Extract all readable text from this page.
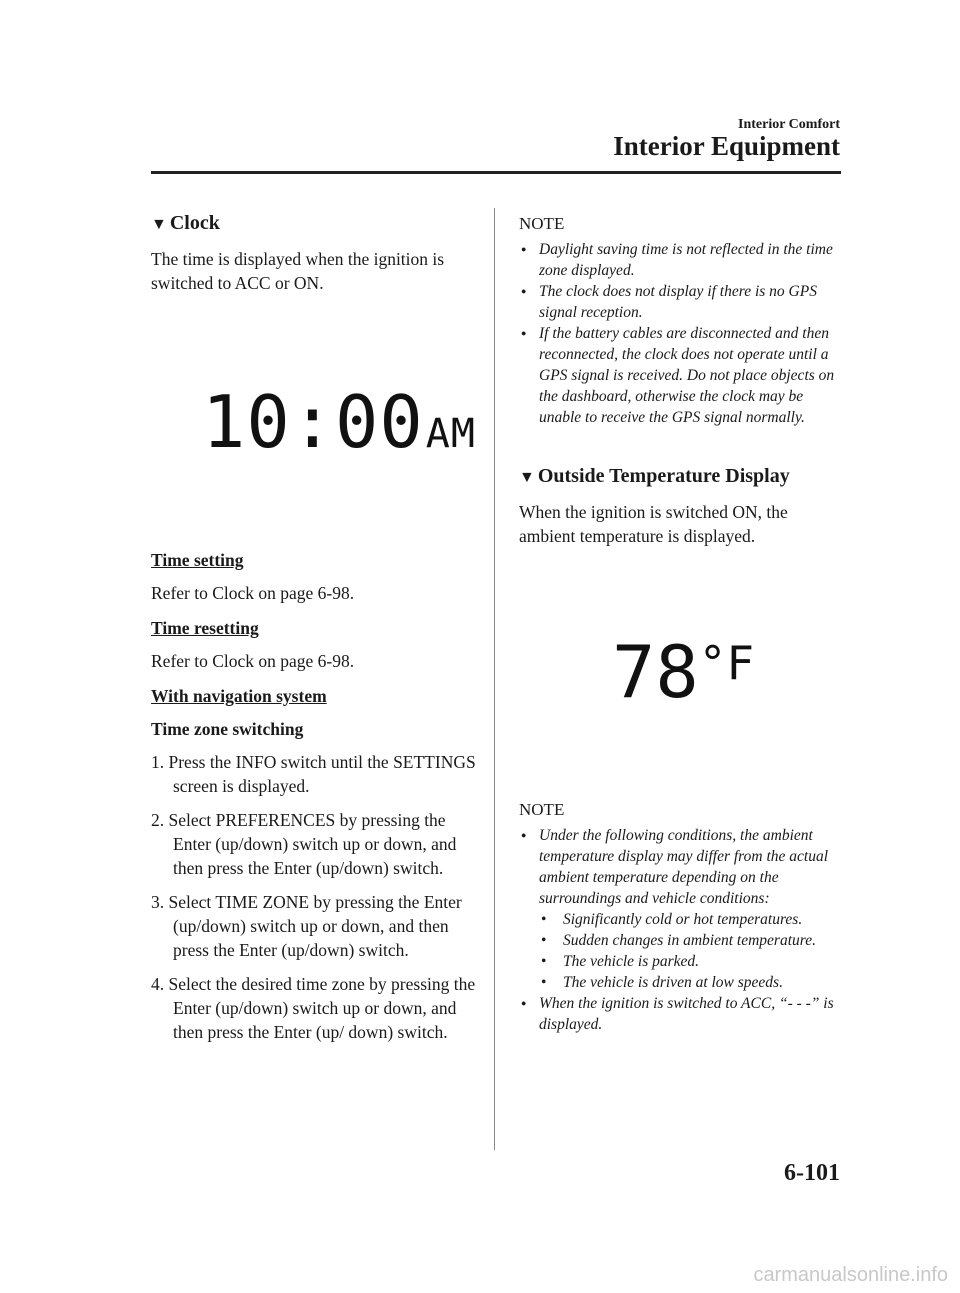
Interior Comfort
Interior Equipment
▼ Clock

The time is displayed when the ignition is switched to ACC or ON.

10:00AM

Time setting

Refer to Clock on page 6-98.

Time resetting

Refer to Clock on page 6-98.

With navigation system

Time zone switching

1. Press the INFO switch until the SETTINGS screen is displayed.

2. Select PREFERENCES by pressing the Enter (up/down) switch up or down, and then press the Enter (up/down) switch.

3. Select TIME ZONE by pressing the Enter (up/down) switch up or down, and then press the Enter (up/down) switch.

4. Select the desired time zone by pressing the Enter (up/down) switch up or down, and then press the Enter (up/ down) switch.

NOTE

● Daylight saving time is not reflected in the time zone displayed.
● The clock does not display if there is no GPS signal reception.
● If the battery cables are disconnected and then reconnected, the clock does not operate until a GPS signal is received. Do not place objects on the dashboard, otherwise the clock may be unable to receive the GPS signal normally.
▼ Outside Temperature Display

When the ignition is switched ON, the ambient temperature is displayed.

78°F

NOTE

● Under the following conditions, the ambient temperature display may differ from the actual ambient temperature depending on the surroundings and vehicle conditions:
• Significantly cold or hot temperatures.
• Sudden changes in ambient temperature.
• The vehicle is parked.
• The vehicle is driven at low speeds.
● When the ignition is switched to ACC, “- - -” is displayed.
6-101
carmanualsonline.info
